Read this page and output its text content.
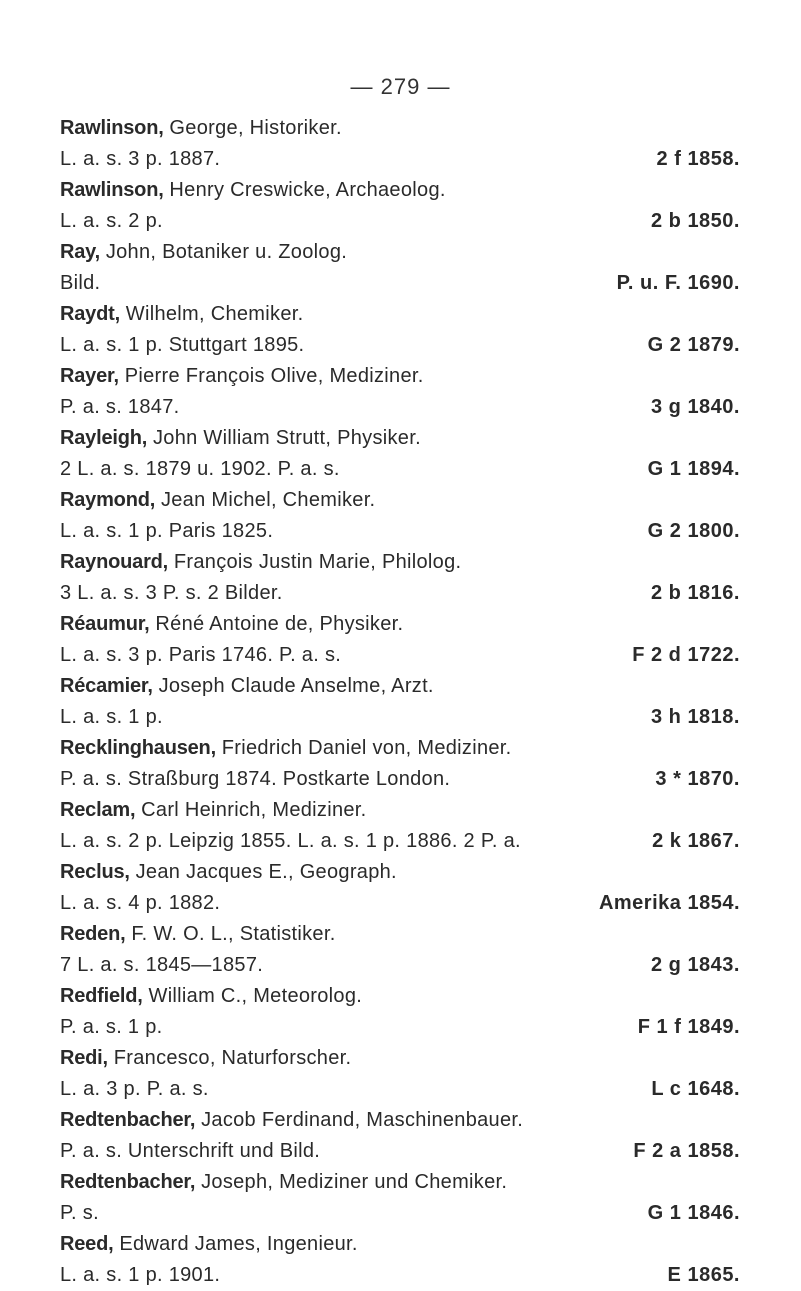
— 279 —
Rawlinson, George, Historiker.
L. a. s. 3 p. 1887.	2 f 1858.
Rawlinson, Henry Creswicke, Archaeolog.
L. a. s. 2 p.	2 b 1850.
Ray, John, Botaniker u. Zoolog.
Bild.	P. u. F. 1690.
Raydt, Wilhelm, Chemiker.
L. a. s. 1 p. Stuttgart 1895.	G 2 1879.
Rayer, Pierre François Olive, Mediziner.
P. a. s. 1847.	3 g 1840.
Rayleigh, John William Strutt, Physiker.
2 L. a. s. 1879 u. 1902. P. a. s.	G 1 1894.
Raymond, Jean Michel, Chemiker.
L. a. s. 1 p. Paris 1825.	G 2 1800.
Raynouard, François Justin Marie, Philolog.
3 L. a. s. 3 P. s. 2 Bilder.	2 b 1816.
Réaumur, Réné Antoine de, Physiker.
L. a. s. 3 p. Paris 1746. P. a. s.	F 2 d 1722.
Récamier, Joseph Claude Anselme, Arzt.
L. a. s. 1 p.	3 h 1818.
Recklinghausen, Friedrich Daniel von, Mediziner.
P. a. s. Straßburg 1874. Postkarte London.	3 * 1870.
Reclam, Carl Heinrich, Mediziner.
L. a. s. 2 p. Leipzig 1855. L. a. s. 1 p. 1886. 2 P. a.	2 k 1867.
Reclus, Jean Jacques E., Geograph.
L. a. s. 4 p. 1882.	Amerika 1854.
Reden, F. W. O. L., Statistiker.
7 L. a. s. 1845—1857.	2 g 1843.
Redfield, William C., Meteorolog.
P. a. s. 1 p.	F 1 f 1849.
Redi, Francesco, Naturforscher.
L. a. 3 p. P. a. s.	L c 1648.
Redtenbacher, Jacob Ferdinand, Maschinenbauer.
P. a. s. Unterschrift und Bild.	F 2 a 1858.
Redtenbacher, Joseph, Mediziner und Chemiker.
P. s.	G 1 1846.
Reed, Edward James, Ingenieur.
L. a. s. 1 p. 1901.	E 1865.
